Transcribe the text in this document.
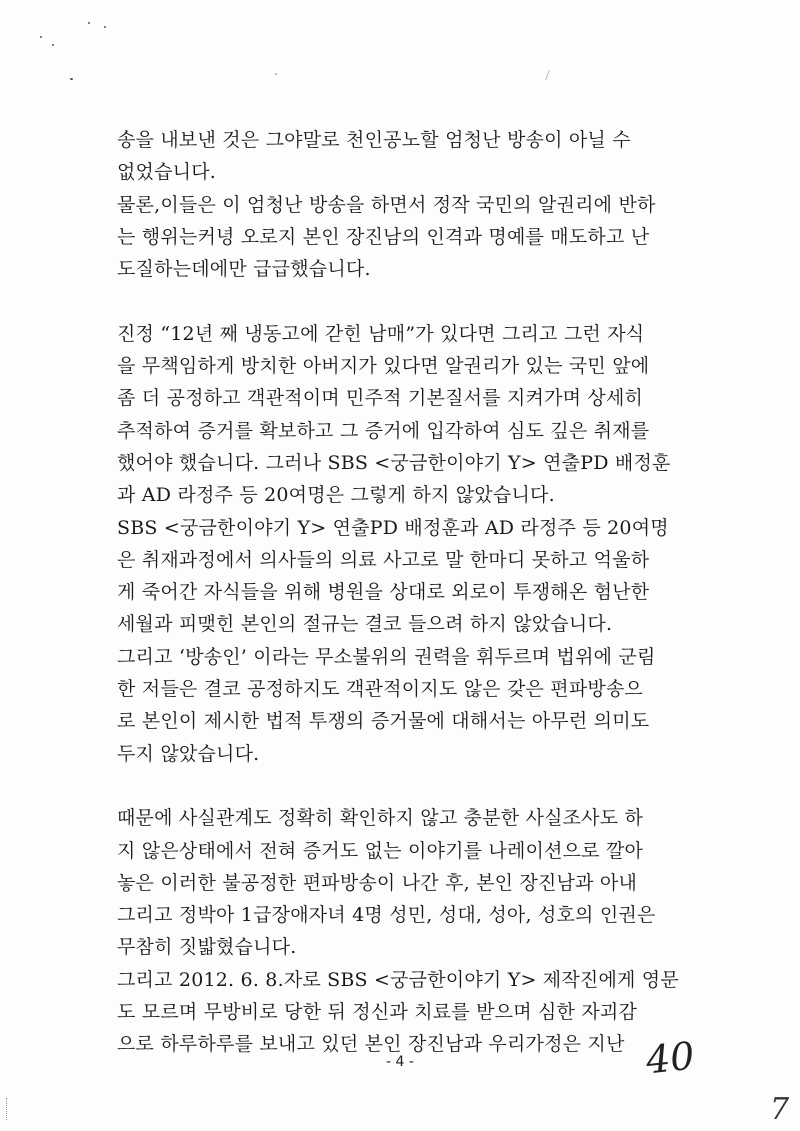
송을 내보낸 것은 그야말로 천인공노할 엄청난 방송이 아닐 수
없었습니다.

물론,이들은 이 엄청난 방송을 하면서 정작 국민의 알권리에 반하
는 행위는커녕 오로지 본인 장진남의 인격과 명예를 매도하고 난
도질하는데에만 급급했습니다.

진정 “12년 째 냉동고에 갇힌 남매”가 있다면 그리고 그런 자식
을 무책임하게 방치한 아버지가 있다면 알권리가 있는 국민 앞에
좀 더 공정하고 객관적이며 민주적 기본질서를 지켜가며 상세히
추적하여 증거를 확보하고 그 증거에 입각하여 심도 깊은 취재를
했어야 했습니다. 그러나 SBS <궁금한이야기 Y> 연출PD 배정훈
과 AD 라정주 등 20여명은 그렇게 하지 않았습니다.

SBS <궁금한이야기 Y> 연출PD 배정훈과 AD 라정주 등 20여명
은 취재과정에서 의사들의 의료 사고로 말 한마디 못하고 억울하
게 죽어간 자식들을 위해 병원을 상대로 외로이 투쟁해온 험난한
세월과 피맺힌 본인의 절규는 결코 들으려 하지 않았습니다.

그리고 ‘방송인’ 이라는 무소불위의 권력을 휘두르며 법위에 군림
한 저들은 결코 공정하지도 객관적이지도 않은 갖은 편파방송으
로 본인이 제시한 법적 투쟁의 증거물에 대해서는 아무런 의미도
두지 않았습니다.

때문에 사실관계도 정확히 확인하지 않고 충분한 사실조사도 하
지 않은상태에서 전혀 증거도 없는 이야기를 나레이션으로 깔아
놓은 이러한 불공정한 편파방송이 나간 후, 본인 장진남과 아내
그리고 정박아 1급장애자녀 4명 성민, 성대, 성아, 성호의 인권은
무참히 짓밟혔습니다.

그리고 2012. 6. 8.자로 SBS <궁금한이야기 Y> 제작진에게 영문
도 모르며 무방비로 당한 뒤 정신과 치료를 받으며 심한 자괴감
으로 하루하루를 보내고 있던 본인 장진남과 우리가정은 지난

- 4 -	40
7
